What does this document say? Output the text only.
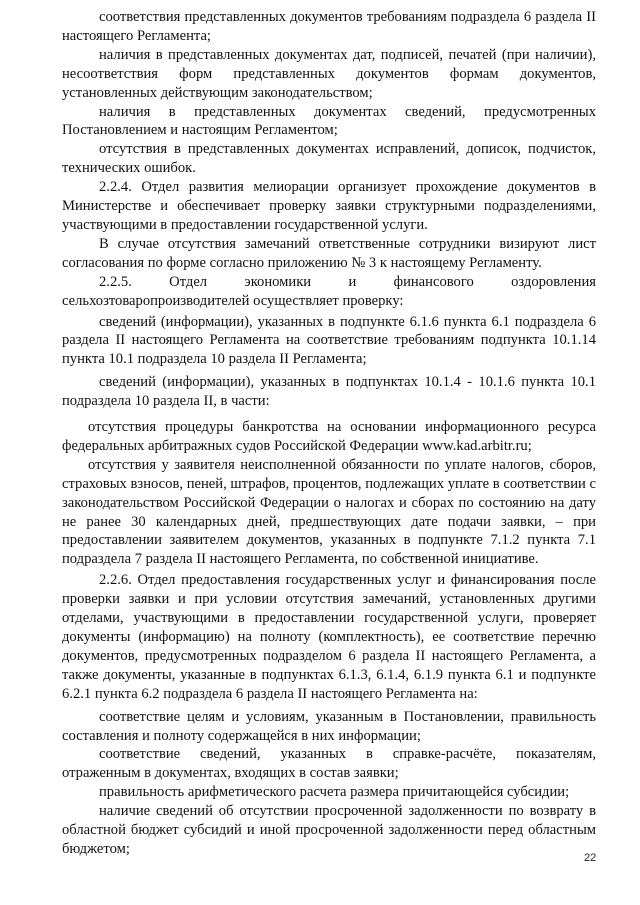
соответствия представленных документов требованиям подраздела 6 раздела II настоящего Регламента;

наличия в представленных документах дат, подписей, печатей (при наличии), несоответствия форм представленных документов формам документов, установленных действующим законодательством;

наличия в представленных документах сведений, предусмотренных Постановлением и настоящим Регламентом;

отсутствия в представленных документах исправлений, дописок, подчисток, технических ошибок.

2.2.4. Отдел развития мелиорации организует прохождение документов в Министерстве и обеспечивает проверку заявки структурными подразделениями, участвующими в предоставлении государственной услуги.

В случае отсутствия замечаний ответственные сотрудники визируют лист согласования по форме согласно приложению № 3 к настоящему Регламенту.

2.2.5. Отдел экономики и финансового оздоровления сельхозтоваропроизводителей осуществляет проверку:

сведений (информации), указанных в подпункте 6.1.6 пункта 6.1 подраздела 6 раздела II настоящего Регламента на соответствие требованиям подпункта 10.1.14 пункта 10.1 подраздела 10 раздела II Регламента;

сведений (информации), указанных в подпунктах 10.1.4 - 10.1.6 пункта 10.1 подраздела 10 раздела II, в части:

отсутствия процедуры банкротства на основании информационного ресурса федеральных арбитражных судов Российской Федерации www.kad.arbitr.ru;

отсутствия у заявителя неисполненной обязанности по уплате налогов, сборов, страховых взносов, пеней, штрафов, процентов, подлежащих уплате в соответствии с законодательством Российской Федерации о налогах и сборах по состоянию на дату не ранее 30 календарных дней, предшествующих дате подачи заявки, – при предоставлении заявителем документов, указанных в подпункте 7.1.2 пункта 7.1 подраздела 7 раздела II настоящего Регламента, по собственной инициативе.

2.2.6. Отдел предоставления государственных услуг и финансирования после проверки заявки и при условии отсутствия замечаний, установленных другими отделами, участвующими в предоставлении государственной услуги, проверяет документы (информацию) на полноту (комплектность), ее соответствие перечню документов, предусмотренных подразделом 6 раздела II настоящего Регламента, а также документы, указанные в подпунктах 6.1.3, 6.1.4, 6.1.9 пункта 6.1 и подпункте 6.2.1 пункта 6.2 подраздела 6 раздела II настоящего Регламента на:

соответствие целям и условиям, указанным в Постановлении, правильность составления и полноту содержащейся в них информации;

соответствие сведений, указанных в справке-расчёте, показателям, отраженным в документах, входящих в состав заявки;

правильность арифметического расчета размера причитающейся субсидии;

наличие сведений об отсутствии просроченной задолженности по возврату в областной бюджет субсидий и иной просроченной задолженности перед областным бюджетом;

22
